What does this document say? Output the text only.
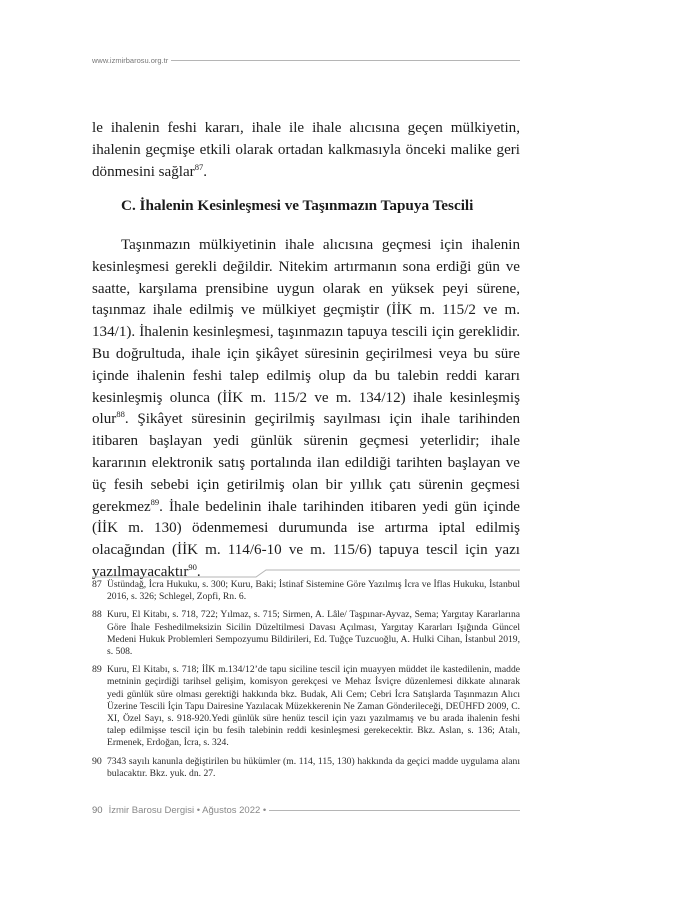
www.izmirbarosu.org.tr

le ihalenin feshi kararı, ihale ile ihale alıcısına geçen mülkiyetin, ihalenin geçmişe etkili olarak ortadan kalkmasıyla önceki malike geri dönmesini sağlar$^{87}$.

C. İhalenin Kesinleşmesi ve Taşınmazın Tapuya Tescili

Taşınmazın mülkiyetinin ihale alıcısına geçmesi için ihalenin kesinleşmesi gerekli değildir. Nitekim artırmanın sona erdiği gün ve saatte, karşılama prensibine uygun olarak en yüksek peyi sürene, taşınmaz ihale edilmiş ve mülkiyet geçmiştir (İİK m. 115/2 ve m. 134/1). İhalenin kesinleşmesi, taşınmazın tapuya tescili için gereklidir. Bu doğrultuda, ihale için şikâyet süresinin geçirilmesi veya bu süre içinde ihalenin feshi talep edilmiş olup da bu talebin reddi kararı kesinleşmiş olunca (İİK m. 115/2 ve m. 134/12) ihale kesinleşmiş olur$^{88}$. Şikâyet süresinin geçirilmiş sayılması için ihale tarihinden itibaren başlayan yedi günlük sürenin geçmesi yeterlidir; ihale kararının elektronik satış portalında ilan edildiği tarihten başlayan ve üç fesih sebebi için getirilmiş olan bir yıllık çatı sürenin geçmesi gerekmez$^{89}$. İhale bedelinin ihale tarihinden itibaren yedi gün içinde (İİK m. 130) ödenmemesi durumunda ise artırma iptal edilmiş olacağından (İİK m. 114/6-10 ve m. 115/6) tapuya tescil için yazı yazılmayacaktır$^{90}$.

87 Üstündağ, İcra Hukuku, s. 300; Kuru, Baki; İstinaf Sistemine Göre Yazılmış İcra ve İflas Hukuku, İstanbul 2016, s. 326; Schlegel, Zopfi, Rn. 6.
88 Kuru, El Kitabı, s. 718, 722; Yılmaz, s. 715; Sirmen, A. Lâle/ Taşpınar-Ayvaz, Sema; Yargıtay Kararlarına Göre İhale Feshedilmeksizin Sicilin Düzeltilmesi Davası Açılması, Yargıtay Kararları Işığında Güncel Medeni Hukuk Problemleri Sempozyumu Bildirileri, Ed. Tuğçe Tuzcuoğlu, A. Hulki Cihan, İstanbul 2019, s. 508.
89 Kuru, El Kitabı, s. 718; İİK m.134/12’de tapu siciline tescil için muayyen müddet ile kastedilenin, madde metninin geçirdiği tarihsel gelişim, komisyon gerekçesi ve Mehaz İsviçre düzenlemesi dikkate alınarak yedi günlük süre olması gerektiği hakkında bkz. Budak, Ali Cem; Cebri İcra Satışlarda Taşınmazın Alıcı Üzerine Tescili İçin Tapu Dairesine Yazılacak Müzekkerenin Ne Zaman Gönderileceği, DEÜHFD 2009, C. XI, Özel Sayı, s. 918-920.Yedi günlük süre henüz tescil için yazı yazılmamış ve bu arada ihalenin feshi talep edilmişse tescil için bu fesih talebinin reddi kesinleşmesi gerekecektir. Bkz. Aslan, s. 136; Atalı, Ermenek, Erdoğan, İcra, s. 324.
90 7343 sayılı kanunla değiştirilen bu hükümler (m. 114, 115, 130) hakkında da geçici madde uygulama alanı bulacaktır. Bkz. yuk. dn. 27.
90 İzmir Barosu Dergisi • Ağustos 2022 •
